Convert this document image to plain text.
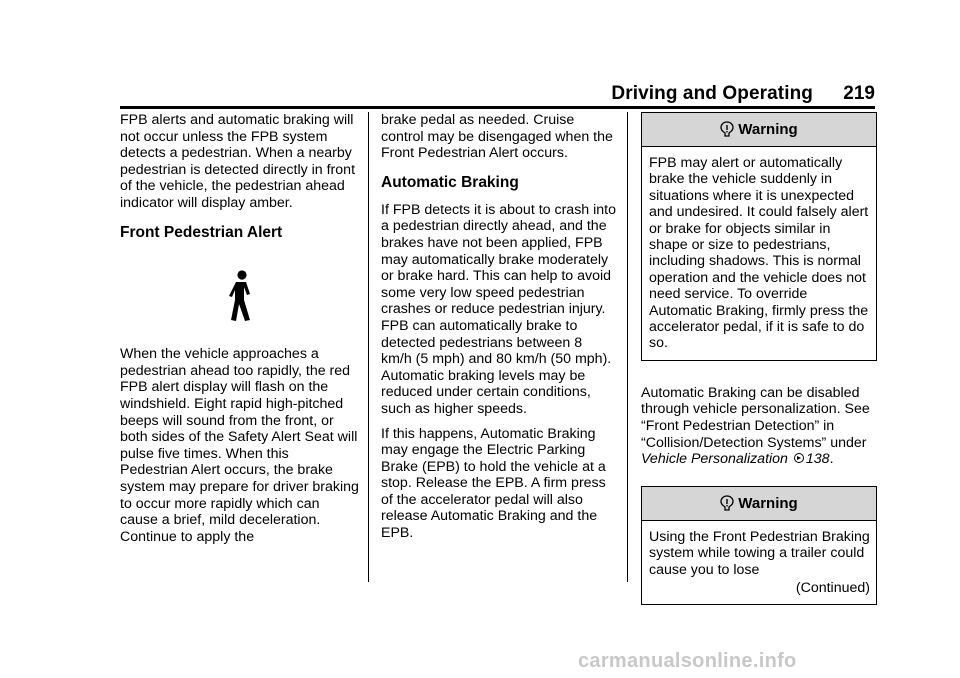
Driving and Operating 219

FPB alerts and automatic braking will not occur unless the FPB system detects a pedestrian. When a nearby pedestrian is detected directly in front of the vehicle, the pedestrian ahead indicator will display amber.

Front Pedestrian Alert

When the vehicle approaches a pedestrian ahead too rapidly, the red FPB alert display will flash on the windshield. Eight rapid high-pitched beeps will sound from the front, or both sides of the Safety Alert Seat will pulse five times. When this Pedestrian Alert occurs, the brake system may prepare for driver braking to occur more rapidly which can cause a brief, mild deceleration. Continue to apply the

brake pedal as needed. Cruise control may be disengaged when the Front Pedestrian Alert occurs.

Automatic Braking

If FPB detects it is about to crash into a pedestrian directly ahead, and the brakes have not been applied, FPB may automatically brake moderately or brake hard. This can help to avoid some very low speed pedestrian crashes or reduce pedestrian injury. FPB can automatically brake to detected pedestrians between 8 km/h (5 mph) and 80 km/h (50 mph). Automatic braking levels may be reduced under certain conditions, such as higher speeds.

If this happens, Automatic Braking may engage the Electric Parking Brake (EPB) to hold the vehicle at a stop. Release the EPB. A firm press of the accelerator pedal will also release Automatic Braking and the EPB.

Warning

FPB may alert or automatically brake the vehicle suddenly in situations where it is unexpected and undesired. It could falsely alert or brake for objects similar in shape or size to pedestrians, including shadows. This is normal operation and the vehicle does not need service. To override Automatic Braking, firmly press the accelerator pedal, if it is safe to do so.

Automatic Braking can be disabled through vehicle personalization. See “Front Pedestrian Detection” in “Collision/Detection Systems” under Vehicle Personalization 138.

Warning

Using the Front Pedestrian Braking system while towing a trailer could cause you to lose

(Continued)
carmanualsonline.info
